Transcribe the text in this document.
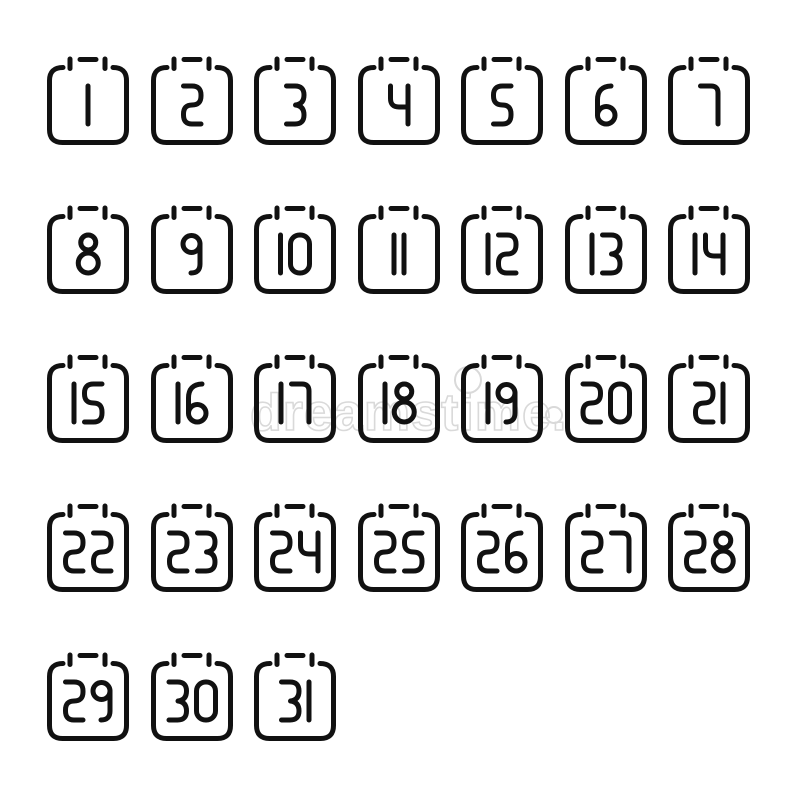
dreamstime.
